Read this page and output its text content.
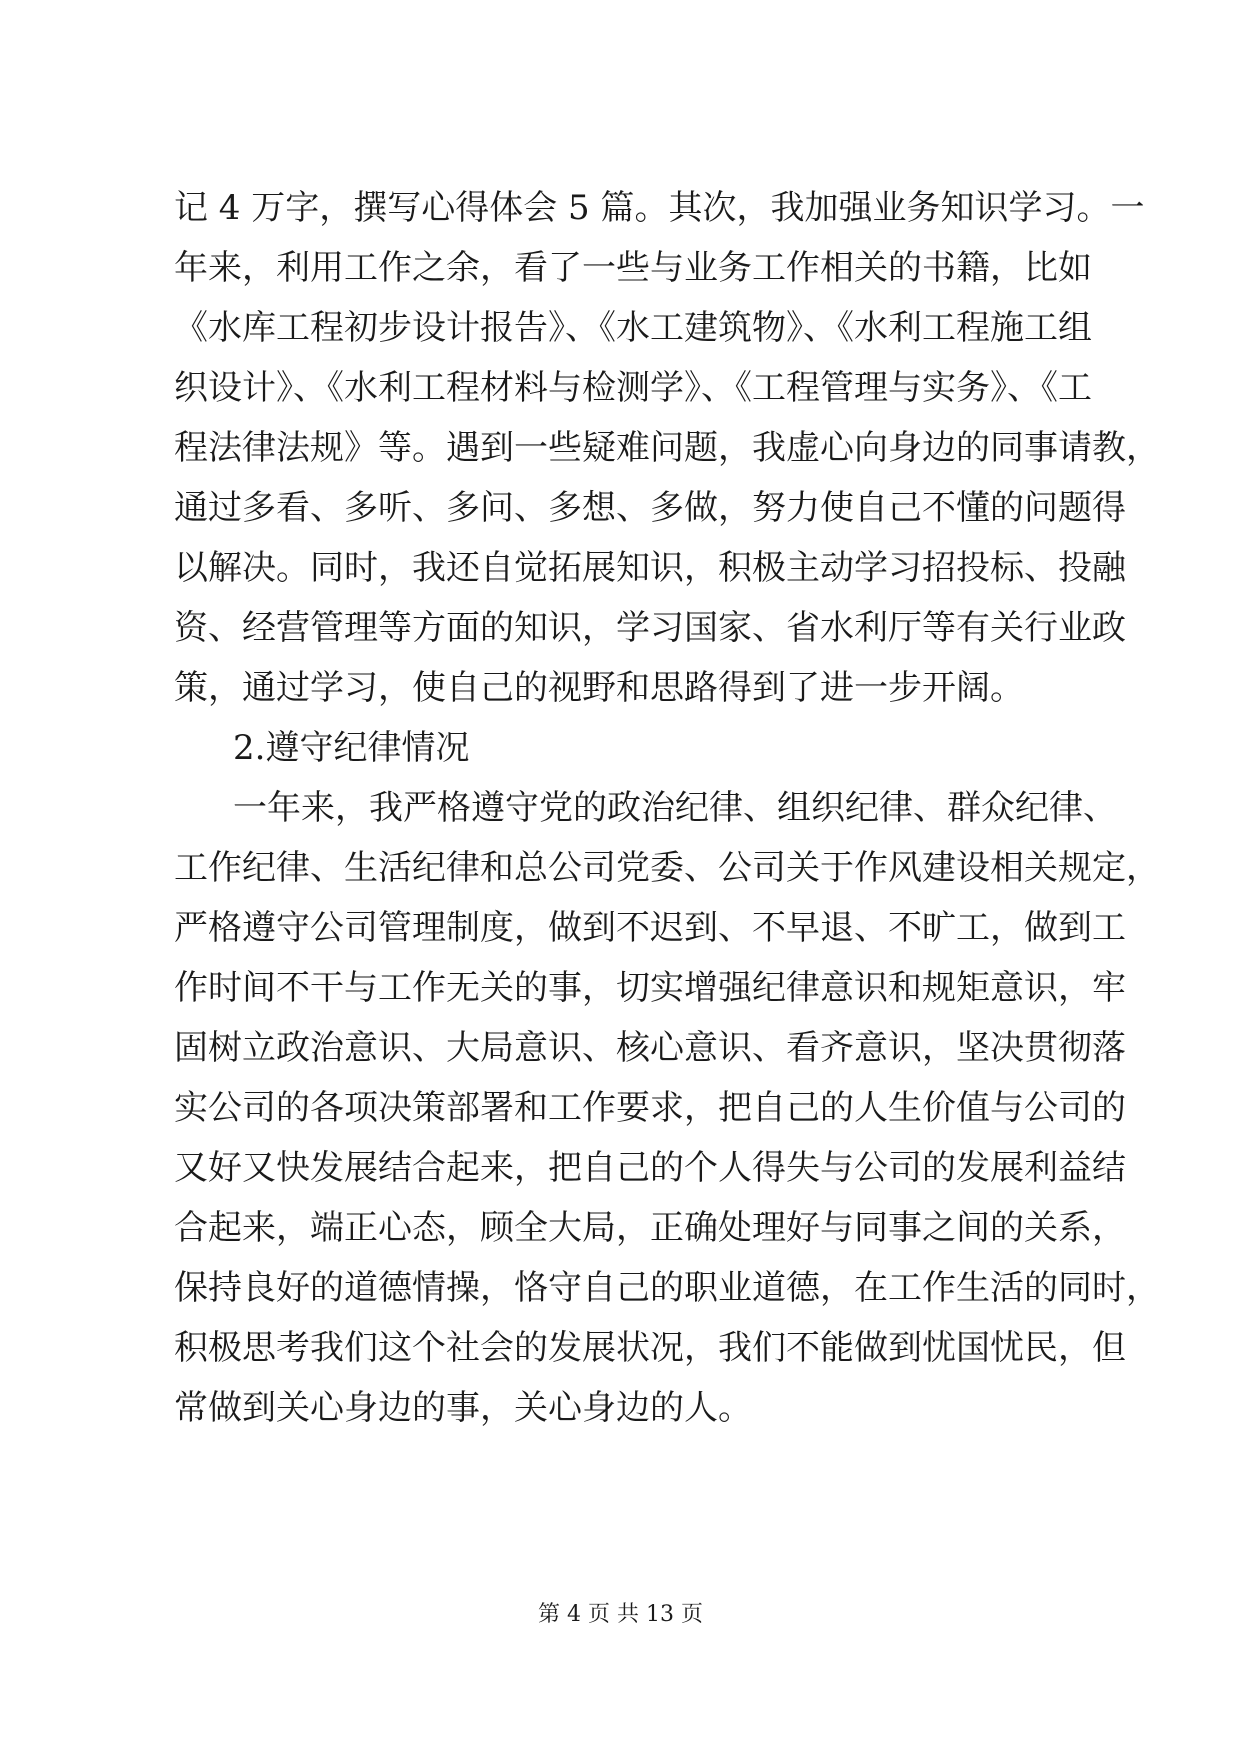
记 4 万字，撰写心得体会 5 篇。其次，我加强业务知识学习。一
年来，利用工作之余，看了一些与业务工作相关的书籍，比如
《水库工程初步设计报告》、《水工建筑物》、《水利工程施工组
织设计》、《水利工程材料与检测学》、《工程管理与实务》、《工
程法律法规》等。遇到一些疑难问题，我虚心向身边的同事请教，
通过多看、多听、多问、多想、多做，努力使自己不懂的问题得
以解决。同时，我还自觉拓展知识，积极主动学习招投标、投融
资、经营管理等方面的知识，学习国家、省水利厅等有关行业政
策，通过学习，使自己的视野和思路得到了进一步开阔。
2.遵守纪律情况
一年来，我严格遵守党的政治纪律、组织纪律、群众纪律、
工作纪律、生活纪律和总公司党委、公司关于作风建设相关规定，
严格遵守公司管理制度，做到不迟到、不早退、不旷工，做到工
作时间不干与工作无关的事，切实增强纪律意识和规矩意识，牢
固树立政治意识、大局意识、核心意识、看齐意识，坚决贯彻落
实公司的各项决策部署和工作要求，把自己的人生价值与公司的
又好又快发展结合起来，把自己的个人得失与公司的发展利益结
合起来，端正心态，顾全大局，正确处理好与同事之间的关系，
保持良好的道德情操，恪守自己的职业道德，在工作生活的同时，
积极思考我们这个社会的发展状况，我们不能做到忧国忧民，但
常做到关心身边的事，关心身边的人。
第 4 页 共 13 页
